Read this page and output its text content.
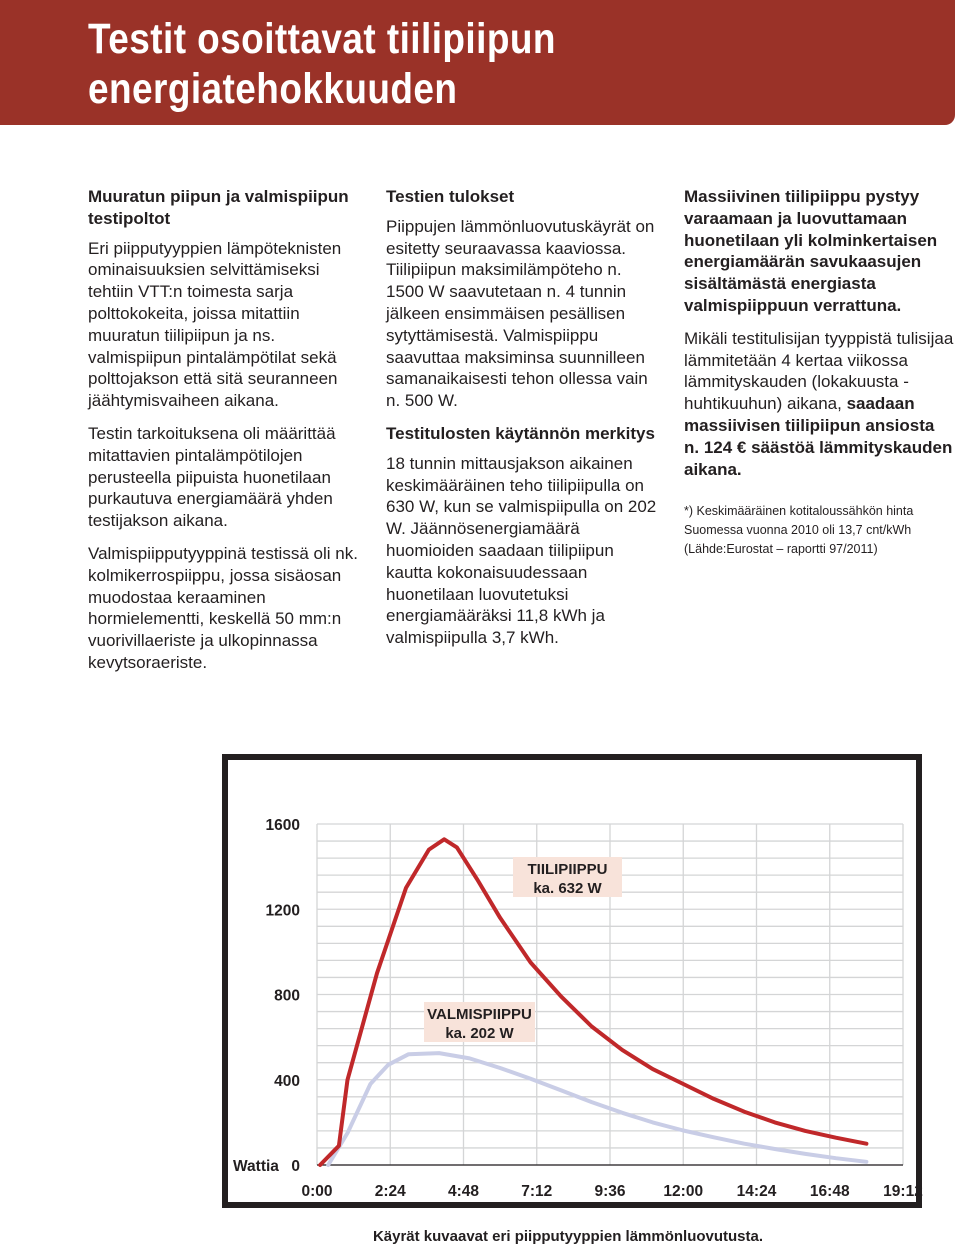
Testit osoittavat tiilipiipun energiatehokkuuden
Muuratun piipun ja valmispiipun testipoltot

Eri piipputyyppien lämpöteknisten ominaisuuksien selvittämiseksi tehtiin VTT:n toimesta sarja polttokokeita, joissa mitattiin muuratun tiilipiipun ja ns. valmispiipun pintalämpötilat sekä polttojakson että sitä seuranneen jäähtymisvaiheen aikana.

Testin tarkoituksena oli määrittää mitattavien pintalämpötilojen perusteella piipuista huonetilaan purkautuva energiamäärä yhden testijakson aikana.

Valmispiipputyyppinä testissä oli nk. kolmikerrospiippu, jossa sisäosan muodostaa keraaminen hormielementti, keskellä 50 mm:n vuorivillaeriste ja ulkopinnassa kevytsoraeriste.

Testien tulokset

Piippujen lämmönluovutuskäyrät on esitetty seuraavassa kaaviossa. Tiilipiipun maksimilämpöteho n. 1500 W saavutetaan n. 4 tunnin jälkeen ensimmäisen pesällisen sytyttämisestä. Valmispiippu saavuttaa maksiminsa suunnilleen samanaikaisesti tehon ollessa vain n. 500 W.

Testitulosten käytännön merkitys

18 tunnin mittausjakson aikainen keskimääräinen teho tiilipiipulla on 630 W, kun se valmispiipulla on 202 W. Jäännösenergiamäärä huomioiden saadaan tiilipiipun kautta kokonaisuudessaan huonetilaan luovutetuksi energiamääräksi 11,8 kWh ja valmispiipulla 3,7 kWh.

Massiivinen tiilipiippu pystyy varaamaan ja luovuttamaan huonetilaan yli kolminkertaisen energiamäärän savukaasujen sisältämästä energiasta valmispiippuun verrattuna.

Mikäli testitulisijan tyyppistä tulisijaa lämmitetään 4 kertaa viikossa lämmityskauden (lokakuusta - huhtikuuhun) aikana, saadaan massiivisen tiilipiipun ansiosta n. 124 € säästöä lämmityskauden aikana.

*) Keskimääräinen kotitaloussähkön hinta Suomessa vuonna 2010 oli 13,7 cnt/kWh (Lähde:Eurostat – raportti 97/2011)

0
400
800
1200
1600
Wattia
0:00	2:24	4:48	7:12	9:36 12:00 14:24 16:48 19:12
TIILIPIIPPU
ka. 632 W
VALMISPIIPPU
ka. 202 W
Käyrät kuvaavat eri piipputyyppien lämmönluovutusta.
